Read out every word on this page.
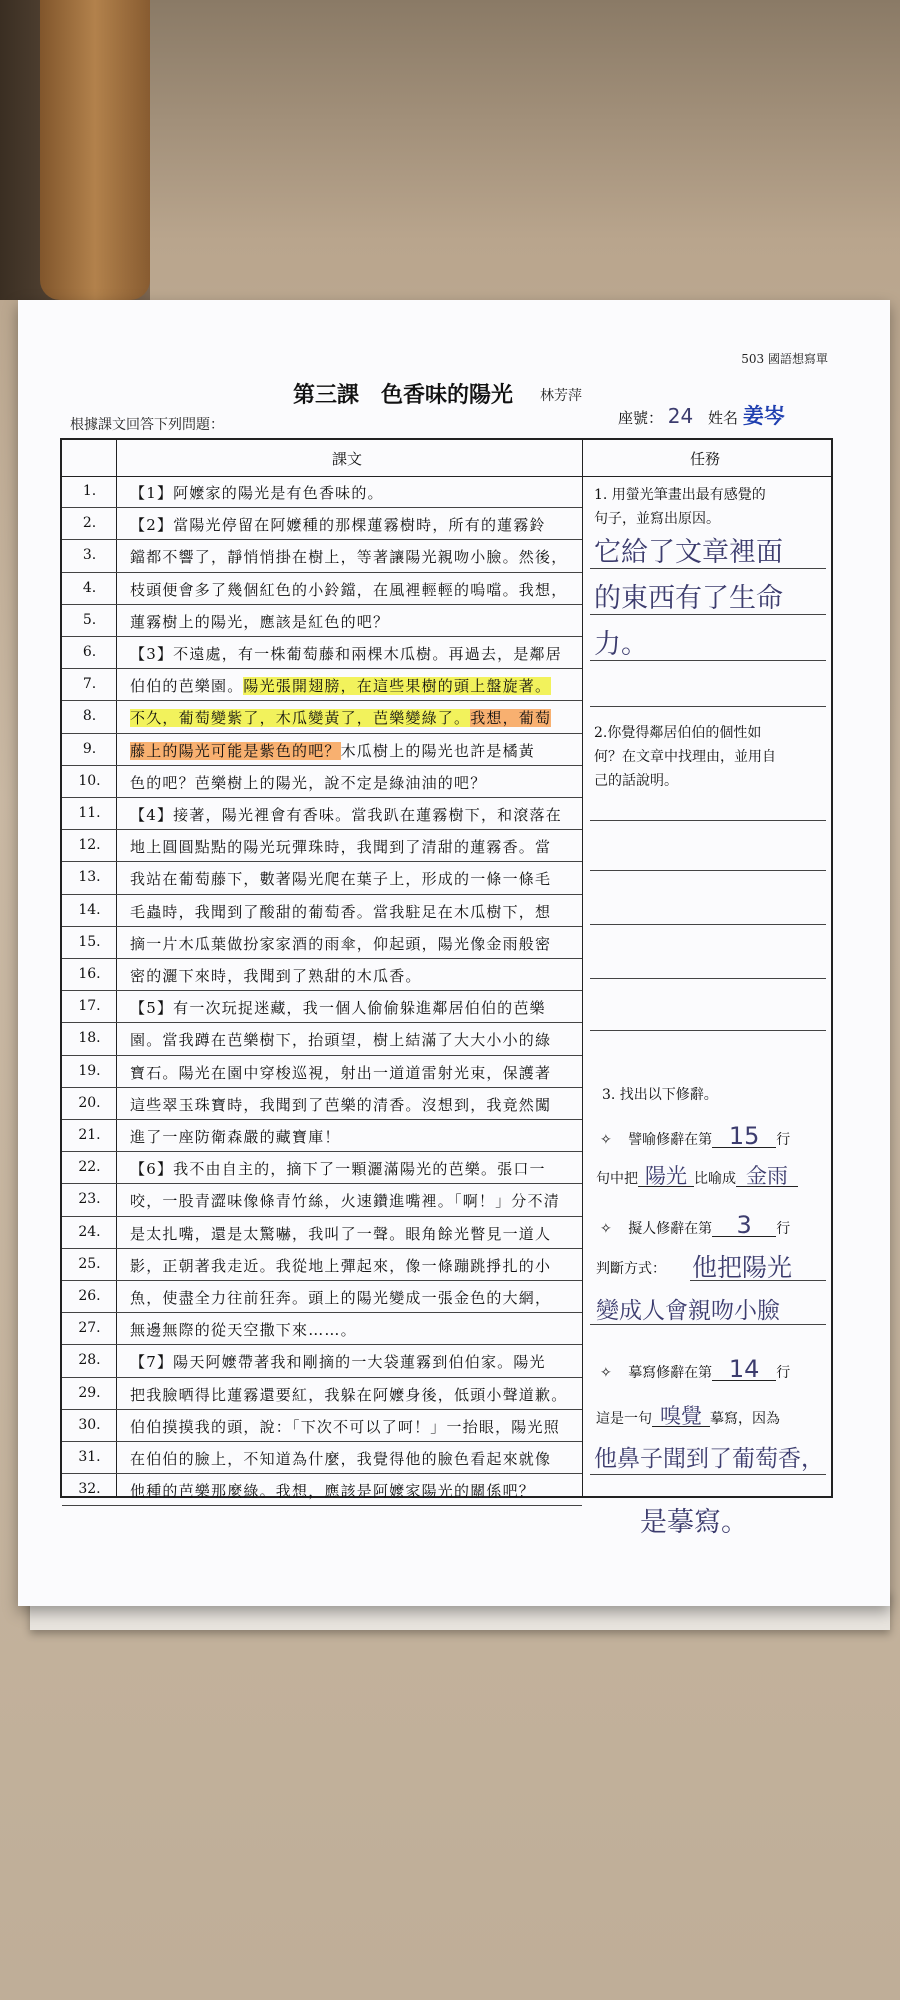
503 國語想寫單
第三課　色香味的陽光 林芳萍
座號： 24 姓名 姜岑
根據課文回答下列問題：
課文	任務
1.	【1】阿嬤家的陽光是有色香味的。
2.	【2】當陽光停留在阿嬤種的那棵蓮霧樹時，所有的蓮霧鈴
3.	鐺都不響了，靜悄悄掛在樹上，等著讓陽光親吻小臉。然後，
4.	枝頭便會多了幾個紅色的小鈴鐺，在風裡輕輕的嗚噹。我想，
5.	蓮霧樹上的陽光，應該是紅色的吧？
6.	【3】不遠處，有一株葡萄藤和兩棵木瓜樹。再過去，是鄰居
7.	伯伯的芭樂園。陽光張開翅膀，在這些果樹的頭上盤旋著。
8.	不久，葡萄變紫了，木瓜變黃了，芭樂變綠了。我想，葡萄
9.	藤上的陽光可能是紫色的吧？木瓜樹上的陽光也許是橘黃
10.	色的吧？芭樂樹上的陽光，說不定是綠油油的吧？
11.	【4】接著，陽光裡會有香味。當我趴在蓮霧樹下，和滾落在
12.	地上圓圓點點的陽光玩彈珠時，我聞到了清甜的蓮霧香。當
13.	我站在葡萄藤下，數著陽光爬在葉子上，形成的一條一條毛
14.	毛蟲時，我聞到了酸甜的葡萄香。當我駐足在木瓜樹下，想
15.	摘一片木瓜葉做扮家家酒的雨傘，仰起頭，陽光像金雨般密
16.	密的灑下來時，我聞到了熟甜的木瓜香。
17.	【5】有一次玩捉迷藏，我一個人偷偷躲進鄰居伯伯的芭樂
18.	園。當我蹲在芭樂樹下，抬頭望，樹上結滿了大大小小的綠
19.	寶石。陽光在園中穿梭巡視，射出一道道雷射光束，保護著
20.	這些翠玉珠寶時，我聞到了芭樂的清香。沒想到，我竟然闖
21.	進了一座防衛森嚴的藏寶庫！
22.	【6】我不由自主的，摘下了一顆灑滿陽光的芭樂。張口一
23.	咬，一股青澀味像條青竹絲，火速鑽進嘴裡。「啊！」分不清
24.	是太扎嘴，還是太驚嚇，我叫了一聲。眼角餘光瞥見一道人
25.	影，正朝著我走近。我從地上彈起來，像一條蹦跳掙扎的小
26.	魚，使盡全力往前狂奔。頭上的陽光變成一張金色的大網，
27.	無邊無際的從天空撒下來……。
28.	【7】陽天阿嬤帶著我和剛摘的一大袋蓮霧到伯伯家。陽光
29.	把我臉晒得比蓮霧還要紅，我躲在阿嬤身後，低頭小聲道歉。
30.	伯伯摸摸我的頭，說：「下次不可以了呵！」一抬眼，陽光照
31.	在伯伯的臉上，不知道為什麼，我覺得他的臉色看起來就像
32.	他種的芭樂那麼綠。我想，應該是阿嬤家陽光的關係吧？
1. 用螢光筆畫出最有感覺的
句子，並寫出原因。
它給了文章裡面
的東西有了生命
力。
2.你覺得鄰居伯伯的個性如
何？在文章中找理由，並用自
己的話說明。
3. 找出以下修辭。
✧ 譬喻修辭在第 15 行
句中把 陽光 比喻成 金雨
✧ 擬人修辭在第 3 行
判斷方式： 他把陽光
變成人會親吻小臉
✧ 摹寫修辭在第 14 行
這是一句 嗅覺 摹寫，因為
他鼻子聞到了葡萄香，
是摹寫。
